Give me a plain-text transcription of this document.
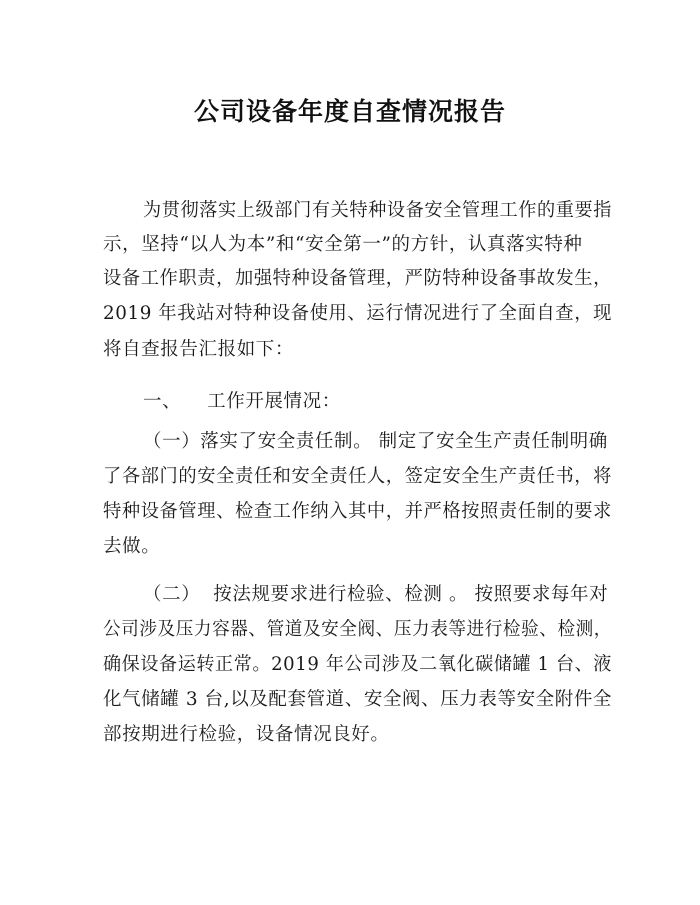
公司设备年度自查情况报告
为贯彻落实上级部门有关特种设备安全管理工作的重要指
示，坚持“以人为本”和“安全第一”的方针，认真落实特种
设备工作职责，加强特种设备管理，严防特种设备事故发生，
2019 年我站对特种设备使用、运行情况进行了全面自查，现
将自查报告汇报如下：
一、    工作开展情况：
（一）落实了安全责任制。 制定了安全生产责任制明确
了各部门的安全责任和安全责任人，签定安全生产责任书，将
特种设备管理、检查工作纳入其中，并严格按照责任制的要求
去做。
（二）  按法规要求进行检验、检测 。 按照要求每年对
公司涉及压力容器、管道及安全阀、压力表等进行检验、检测，
确保设备运转正常。2019 年公司涉及二氧化碳储罐 1 台、液
化气储罐 3 台,以及配套管道、安全阀、压力表等安全附件全
部按期进行检验，设备情况良好。
